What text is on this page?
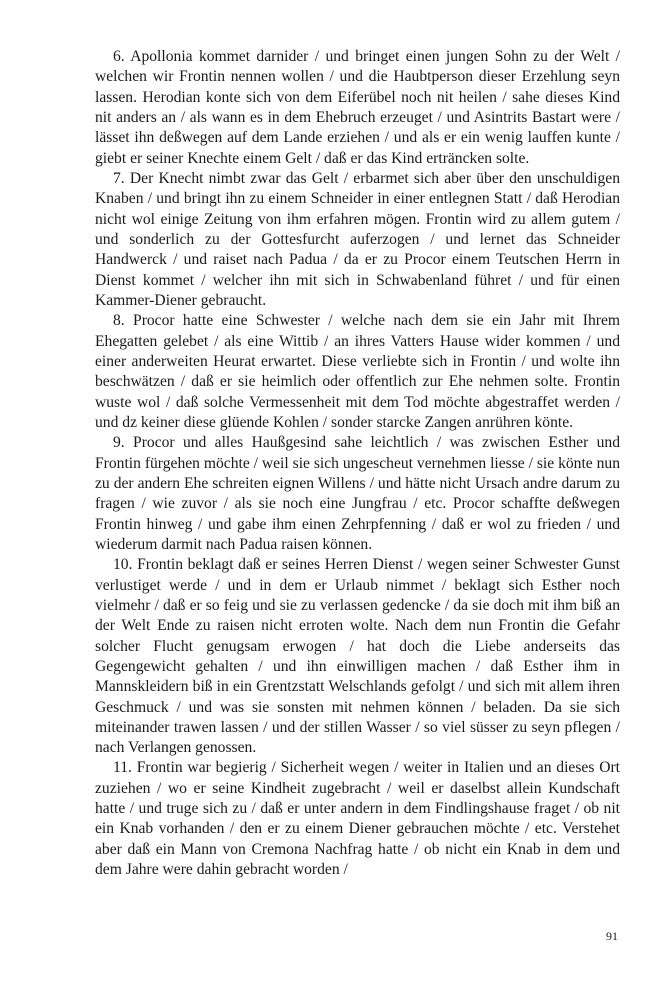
6. Apollonia kommet darnider / und bringet einen jungen Sohn zu der Welt / welchen wir Frontin nennen wollen / und die Haubtperson dieser Erzehlung seyn lassen. Herodian konte sich von dem Eiferübel noch nit heilen / sahe dieses Kind nit anders an / als wann es in dem Ehebruch erzeuget / und Asintrits Bastart were / lässet ihn deßwegen auf dem Lande erziehen / und als er ein wenig lauffen kunte / giebt er seiner Knechte einem Gelt / daß er das Kind erträncken solte.

7. Der Knecht nimbt zwar das Gelt / erbarmet sich aber über den unschuldigen Knaben / und bringt ihn zu einem Schneider in einer entlegnen Statt / daß Herodian nicht wol einige Zeitung von ihm erfahren mögen. Frontin wird zu allem gutem / und sonderlich zu der Gottesfurcht auferzogen / und lernet das Schneider Handwerck / und raiset nach Padua / da er zu Procor einem Teutschen Herrn in Dienst kommet / welcher ihn mit sich in Schwabenland führet / und für einen Kammer-Diener gebraucht.

8. Procor hatte eine Schwester / welche nach dem sie ein Jahr mit Ihrem Ehegatten gelebet / als eine Wittib / an ihres Vatters Hause wider kommen / und einer anderweiten Heurat erwartet. Diese verliebte sich in Frontin / und wolte ihn beschwätzen / daß er sie heimlich oder offentlich zur Ehe nehmen solte. Frontin wuste wol / daß solche Vermessenheit mit dem Tod möchte abgestraffet werden / und dz keiner diese glüende Kohlen / sonder starcke Zangen anrühren könte.

9. Procor und alles Haußgesind sahe leichtlich / was zwischen Esther und Frontin fürgehen möchte / weil sie sich ungescheut vernehmen liesse / sie könte nun zu der andern Ehe schreiten eignen Willens / und hätte nicht Ursach andre darum zu fragen / wie zuvor / als sie noch eine Jungfrau / etc. Procor schaffte deßwegen Frontin hinweg / und gabe ihm einen Zehrpfenning / daß er wol zu frieden / und wiederum darmit nach Padua raisen können.

10. Frontin beklagt daß er seines Herren Dienst / wegen seiner Schwester Gunst verlustiget werde / und in dem er Urlaub nimmet / beklagt sich Esther noch vielmehr / daß er so feig und sie zu verlassen gedencke / da sie doch mit ihm biß an der Welt Ende zu raisen nicht erroten wolte. Nach dem nun Frontin die Gefahr solcher Flucht genugsam erwogen / hat doch die Liebe anderseits das Gegengewicht gehalten / und ihn einwilligen machen / daß Esther ihm in Mannskleidern biß in ein Grentzstatt Welschlands gefolgt / und sich mit allem ihren Geschmuck / und was sie sonsten mit nehmen können / beladen. Da sie sich miteinander trawen lassen / und der stillen Wasser / so viel süsser zu seyn pflegen / nach Verlangen genossen.

11. Frontin war begierig / Sicherheit wegen / weiter in Italien und an dieses Ort zuziehen / wo er seine Kindheit zugebracht / weil er daselbst allein Kundschaft hatte / und truge sich zu / daß er unter andern in dem Findlingshause fraget / ob nit ein Knab vorhanden / den er zu einem Diener gebrauchen möchte / etc. Verstehet aber daß ein Mann von Cremona Nachfrag hatte / ob nicht ein Knab in dem und dem Jahre were dahin gebracht worden /

91
